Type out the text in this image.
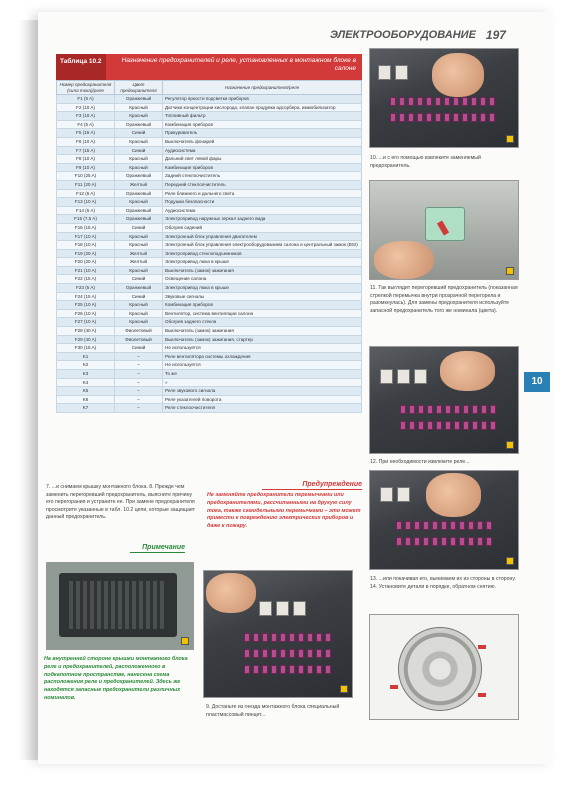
ЭЛЕКТРООБОРУДОВАНИЕ 197
10
Таблица 10.2	Назначение предохранителей и реле, установленных в монтажном блоке в салоне
Номер предохранителя (сила тока)/реле	Цвет предохранителя	Назначение предохранителя/реле
F1 (5 A)	Оранжевый	Регулятор яркости подсветки приборов
F2 (10 A)	Красный	Датчики концентрации кислорода, клапан продувки адсорбера, иммобилизатор
F3 (10 A)	Красный	Топливный фильтр
F4 (5 A)	Оранжевый	Комбинация приборов
F5 (15 A)	Синий	Прикуриватель
F6 (10 A)	Красный	Выключатель фонарей
F7 (15 A)	Синий	Аудиосистема
F8 (10 A)	Красный	Дальний свет левой фары
F9 (10 A)	Красный	Комбинация приборов
F10 (25 A)	Оранжевый	Задний стеклоочиститель
F11 (20 A)	Желтый	Передний стеклоочиститель
F12 (5 A)	Оранжевый	Реле ближнего и дальнего света
F13 (10 A)	Красный	Подушки безопасности
F14 (5 A)	Оранжевый	Аудиосистема
F15 (7,5 A)	Оранжевый	Электропривод наружных зеркал заднего вида
F16 (15 A)	Синий	Обогрев сидений
F17 (10 A)	Красный	Электронный блок управления двигателем
F18 (10 A)	Красный	Электронный блок управления электрооборудованием салона и центральный замок (BSI)
F19 (20 A)	Желтый	Электропривод стеклоподъемников
F20 (20 A)	Желтый	Электропривод люка в крыше
F21 (10 A)	Красный	Выключатель (замок) зажигания
F22 (15 A)	Синий	Освещение салона
F23 (5 A)	Оранжевый	Электропривод люка в крыше
F24 (15 A)	Синий	Звуковые сигналы
F25 (10 A)	Красный	Комбинация приборов
F26 (10 A)	Красный	Вентилятор, система вентиляции салона
F27 (10 A)	Красный	Обогрев заднего стекла
F28 (40 A)	Фиолетовый	Выключатель (замок) зажигания
F29 (40 A)	Фиолетовый	Выключатель (замок) зажигания, стартер
F30 (15 A)	Синий	Не используется
K1	–	Реле вентилятора системы охлаждения
K2	–	Не используется
K3	–	То же
K4	–	»
K5	–	Реле звукового сигнала
K6	–	Реле указателей поворота
K7	–	Реле стеклоочистителя
7. ...и снимаем крышку монтажного блока. 8. Прежде чем заменить перегоревший предохранитель, выясните причину его перегорания и устраните ее. При замене предохранителя просмотрите указанные в табл. 10.2 цепи, которые защищает данный предохранитель.
Примечание
Предупреждение
Не заменяйте предохранители перемычками или предохранителями, рассчитанными на другую силу тока, также самодельными перемычками – это может привести к повреждению электрических приборов и даже к пожару.
На внутренней стороне крышки монтажного блока реле и предохранителей, расположенного в подкапотном пространстве, нанесена схема расположения реле и предохранителей. Здесь же находятся запасные предохранители различных номиналов.
9. Достаньте из гнезда монтажного блока специальный пластмассовый пинцет...
10. ...и с его помощью извлеките заменяемый предохранитель.
11. Так выглядит перегоревший предохранитель (показанная стрелкой перемычка внутри прозрачной перегорела и разомкнулась). Для замены предохранителя используйте запасной предохранитель того же номинала (цвета).
12. При необходимости извлеките реле...
13. ...или покачивая его, вынимаем их из стороны в сторону.
14. Установите детали в порядке, обратном снятию.
